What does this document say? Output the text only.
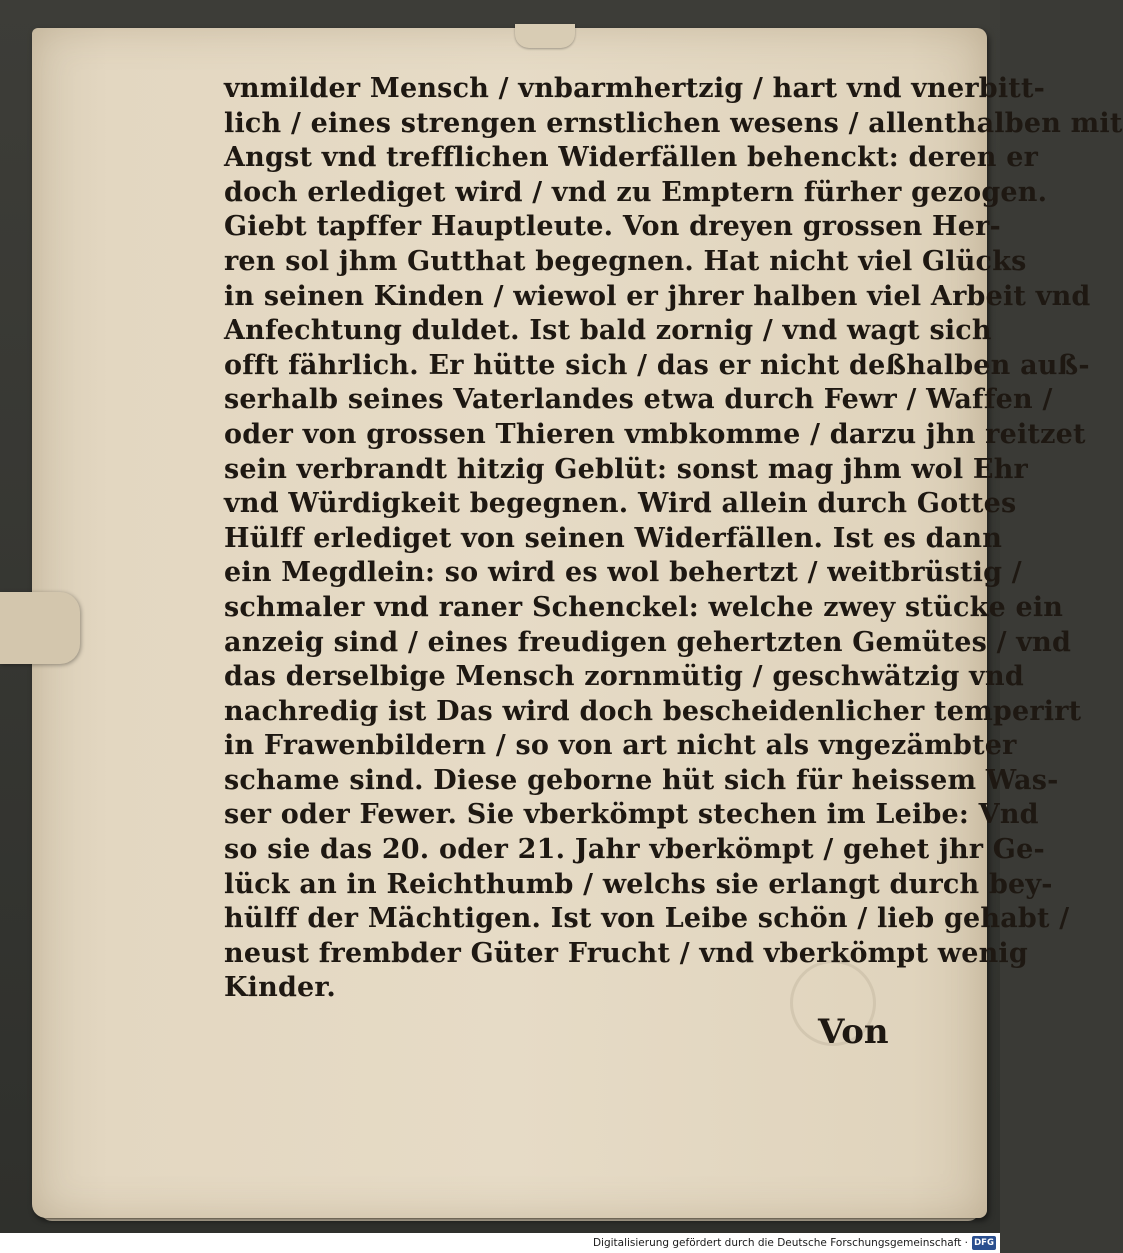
vnmilder Mensch / vnbarmhertzig / hart vnd vnerbitt-
lich / eines strengen ernstlichen wesens / allenthalben mit
Angst vnd trefflichen Widerfällen behenckt: deren er
doch erlediget wird / vnd zu Emptern fürher gezogen.
Giebt tapffer Hauptleute. Von dreyen grossen Her-
ren sol jhm Gutthat begegnen. Hat nicht viel Glücks
in seinen Kinden / wiewol er jhrer halben viel Arbeit vnd
Anfechtung duldet. Ist bald zornig / vnd wagt sich
offt fährlich. Er hütte sich / das er nicht deßhalben auß-
serhalb seines Vaterlandes etwa durch Fewr / Waffen /
oder von grossen Thieren vmbkomme / darzu jhn reitzet
sein verbrandt hitzig Geblüt: sonst mag jhm wol Ehr
vnd Würdigkeit begegnen. Wird allein durch Gottes
Hülff erlediget von seinen Widerfällen. Ist es dann
ein Megdlein: so wird es wol behertzt / weitbrüstig /
schmaler vnd raner Schenckel: welche zwey stücke ein
anzeig sind / eines freudigen gehertzten Gemütes / vnd
das derselbige Mensch zornmütig / geschwätzig vnd
nachredig ist Das wird doch bescheidenlicher temperirt
in Frawenbildern / so von art nicht als vngezämbter
schame sind. Diese geborne hüt sich für heissem Was-
ser oder Fewer. Sie vberkömpt stechen im Leibe: Vnd
so sie das 20. oder 21. Jahr vberkömpt / gehet jhr Ge-
lück an in Reichthumb / welchs sie erlangt durch bey-
hülff der Mächtigen. Ist von Leibe schön / lieb gehabt /
neust frembder Güter Frucht / vnd vberkömpt wenig
Kinder.
Von
Digitalisierung gefördert durch die Deutsche Forschungsgemeinschaft · DFG
